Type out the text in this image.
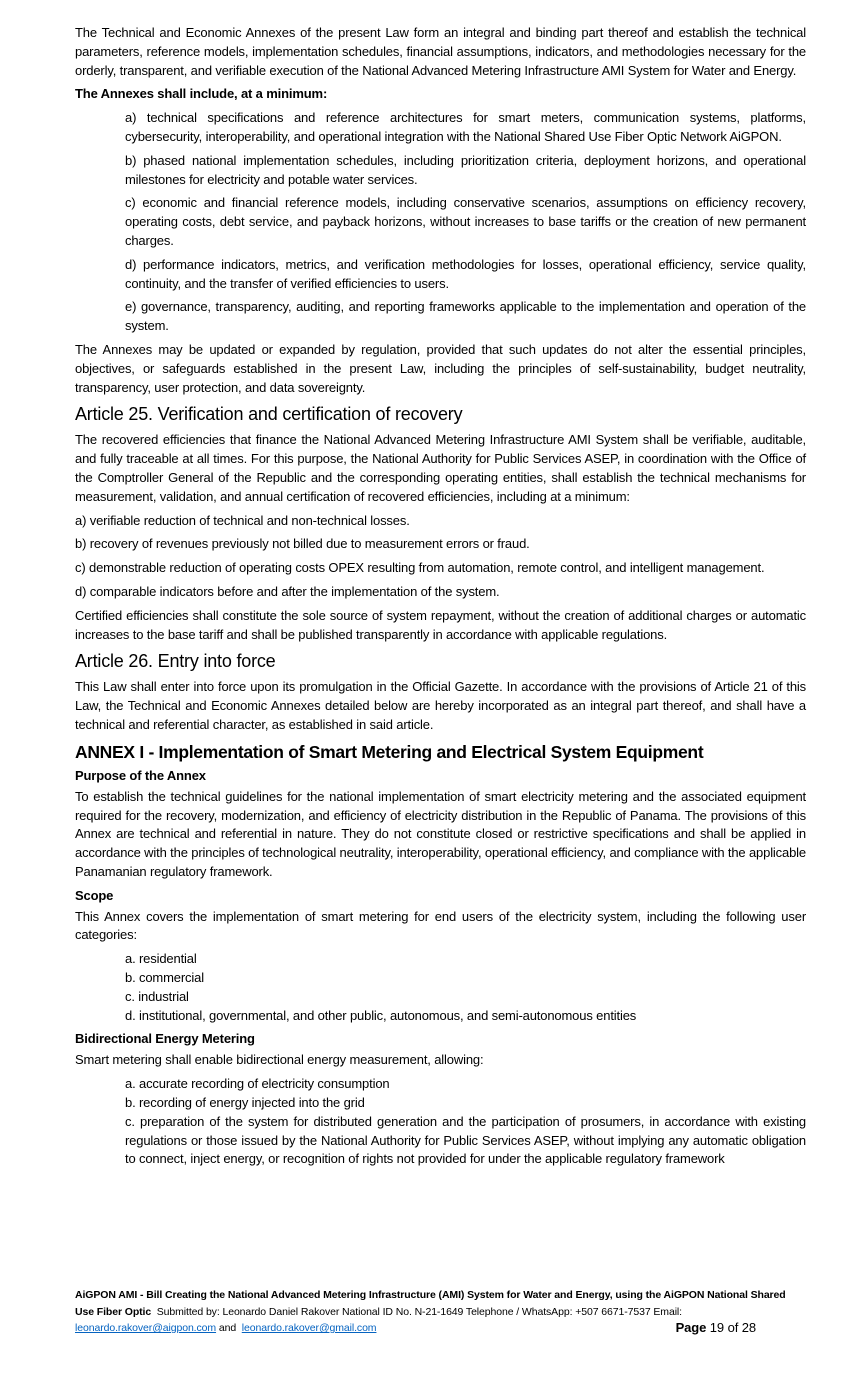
The Technical and Economic Annexes of the present Law form an integral and binding part thereof and establish the technical parameters, reference models, implementation schedules, financial assumptions, indicators, and methodologies necessary for the orderly, transparent, and verifiable execution of the National Advanced Metering Infrastructure AMI System for Water and Energy.

The Annexes shall include, at a minimum:

a) technical specifications and reference architectures for smart meters, communication systems, platforms, cybersecurity, interoperability, and operational integration with the National Shared Use Fiber Optic Network AiGPON.

b) phased national implementation schedules, including prioritization criteria, deployment horizons, and operational milestones for electricity and potable water services.

c) economic and financial reference models, including conservative scenarios, assumptions on efficiency recovery, operating costs, debt service, and payback horizons, without increases to base tariffs or the creation of new permanent charges.

d) performance indicators, metrics, and verification methodologies for losses, operational efficiency, service quality, continuity, and the transfer of verified efficiencies to users.

e) governance, transparency, auditing, and reporting frameworks applicable to the implementation and operation of the system.

The Annexes may be updated or expanded by regulation, provided that such updates do not alter the essential principles, objectives, or safeguards established in the present Law, including the principles of self-sustainability, budget neutrality, transparency, user protection, and data sovereignty.

Article 25. Verification and certification of recovery

The recovered efficiencies that finance the National Advanced Metering Infrastructure AMI System shall be verifiable, auditable, and fully traceable at all times. For this purpose, the National Authority for Public Services ASEP, in coordination with the Office of the Comptroller General of the Republic and the corresponding operating entities, shall establish the technical mechanisms for measurement, validation, and annual certification of recovered efficiencies, including at a minimum:

a) verifiable reduction of technical and non-technical losses.

b) recovery of revenues previously not billed due to measurement errors or fraud.

c) demonstrable reduction of operating costs OPEX resulting from automation, remote control, and intelligent management.

d) comparable indicators before and after the implementation of the system.

Certified efficiencies shall constitute the sole source of system repayment, without the creation of additional charges or automatic increases to the base tariff and shall be published transparently in accordance with applicable regulations.

Article 26. Entry into force

This Law shall enter into force upon its promulgation in the Official Gazette. In accordance with the provisions of Article 21 of this Law, the Technical and Economic Annexes detailed below are hereby incorporated as an integral part thereof, and shall have a technical and referential character, as established in said article.

ANNEX I - Implementation of Smart Metering and Electrical System Equipment

Purpose of the Annex

To establish the technical guidelines for the national implementation of smart electricity metering and the associated equipment required for the recovery, modernization, and efficiency of electricity distribution in the Republic of Panama. The provisions of this Annex are technical and referential in nature. They do not constitute closed or restrictive specifications and shall be applied in accordance with the principles of technological neutrality, interoperability, operational efficiency, and compliance with the applicable Panamanian regulatory framework.

Scope

This Annex covers the implementation of smart metering for end users of the electricity system, including the following user categories:

a. residential
b. commercial
c. industrial
d. institutional, governmental, and other public, autonomous, and semi-autonomous entities

Bidirectional Energy Metering

Smart metering shall enable bidirectional energy measurement, allowing:

a. accurate recording of electricity consumption
b. recording of energy injected into the grid
c. preparation of the system for distributed generation and the participation of prosumers, in accordance with existing regulations or those issued by the National Authority for Public Services ASEP, without implying any automatic obligation to connect, inject energy, or recognition of rights not provided for under the applicable regulatory framework
AiGPON AMI - Bill Creating the National Advanced Metering Infrastructure (AMI) System for Water and Energy, using the AiGPON National Shared Use Fiber Optic Submitted by: Leonardo Daniel Rakover National ID No. N-21-1649 Telephone / WhatsApp: +507 6671-7537 Email:
leonardo.rakover@aigpon.com and leonardo.rakover@gmail.com	Page 19 of 28
